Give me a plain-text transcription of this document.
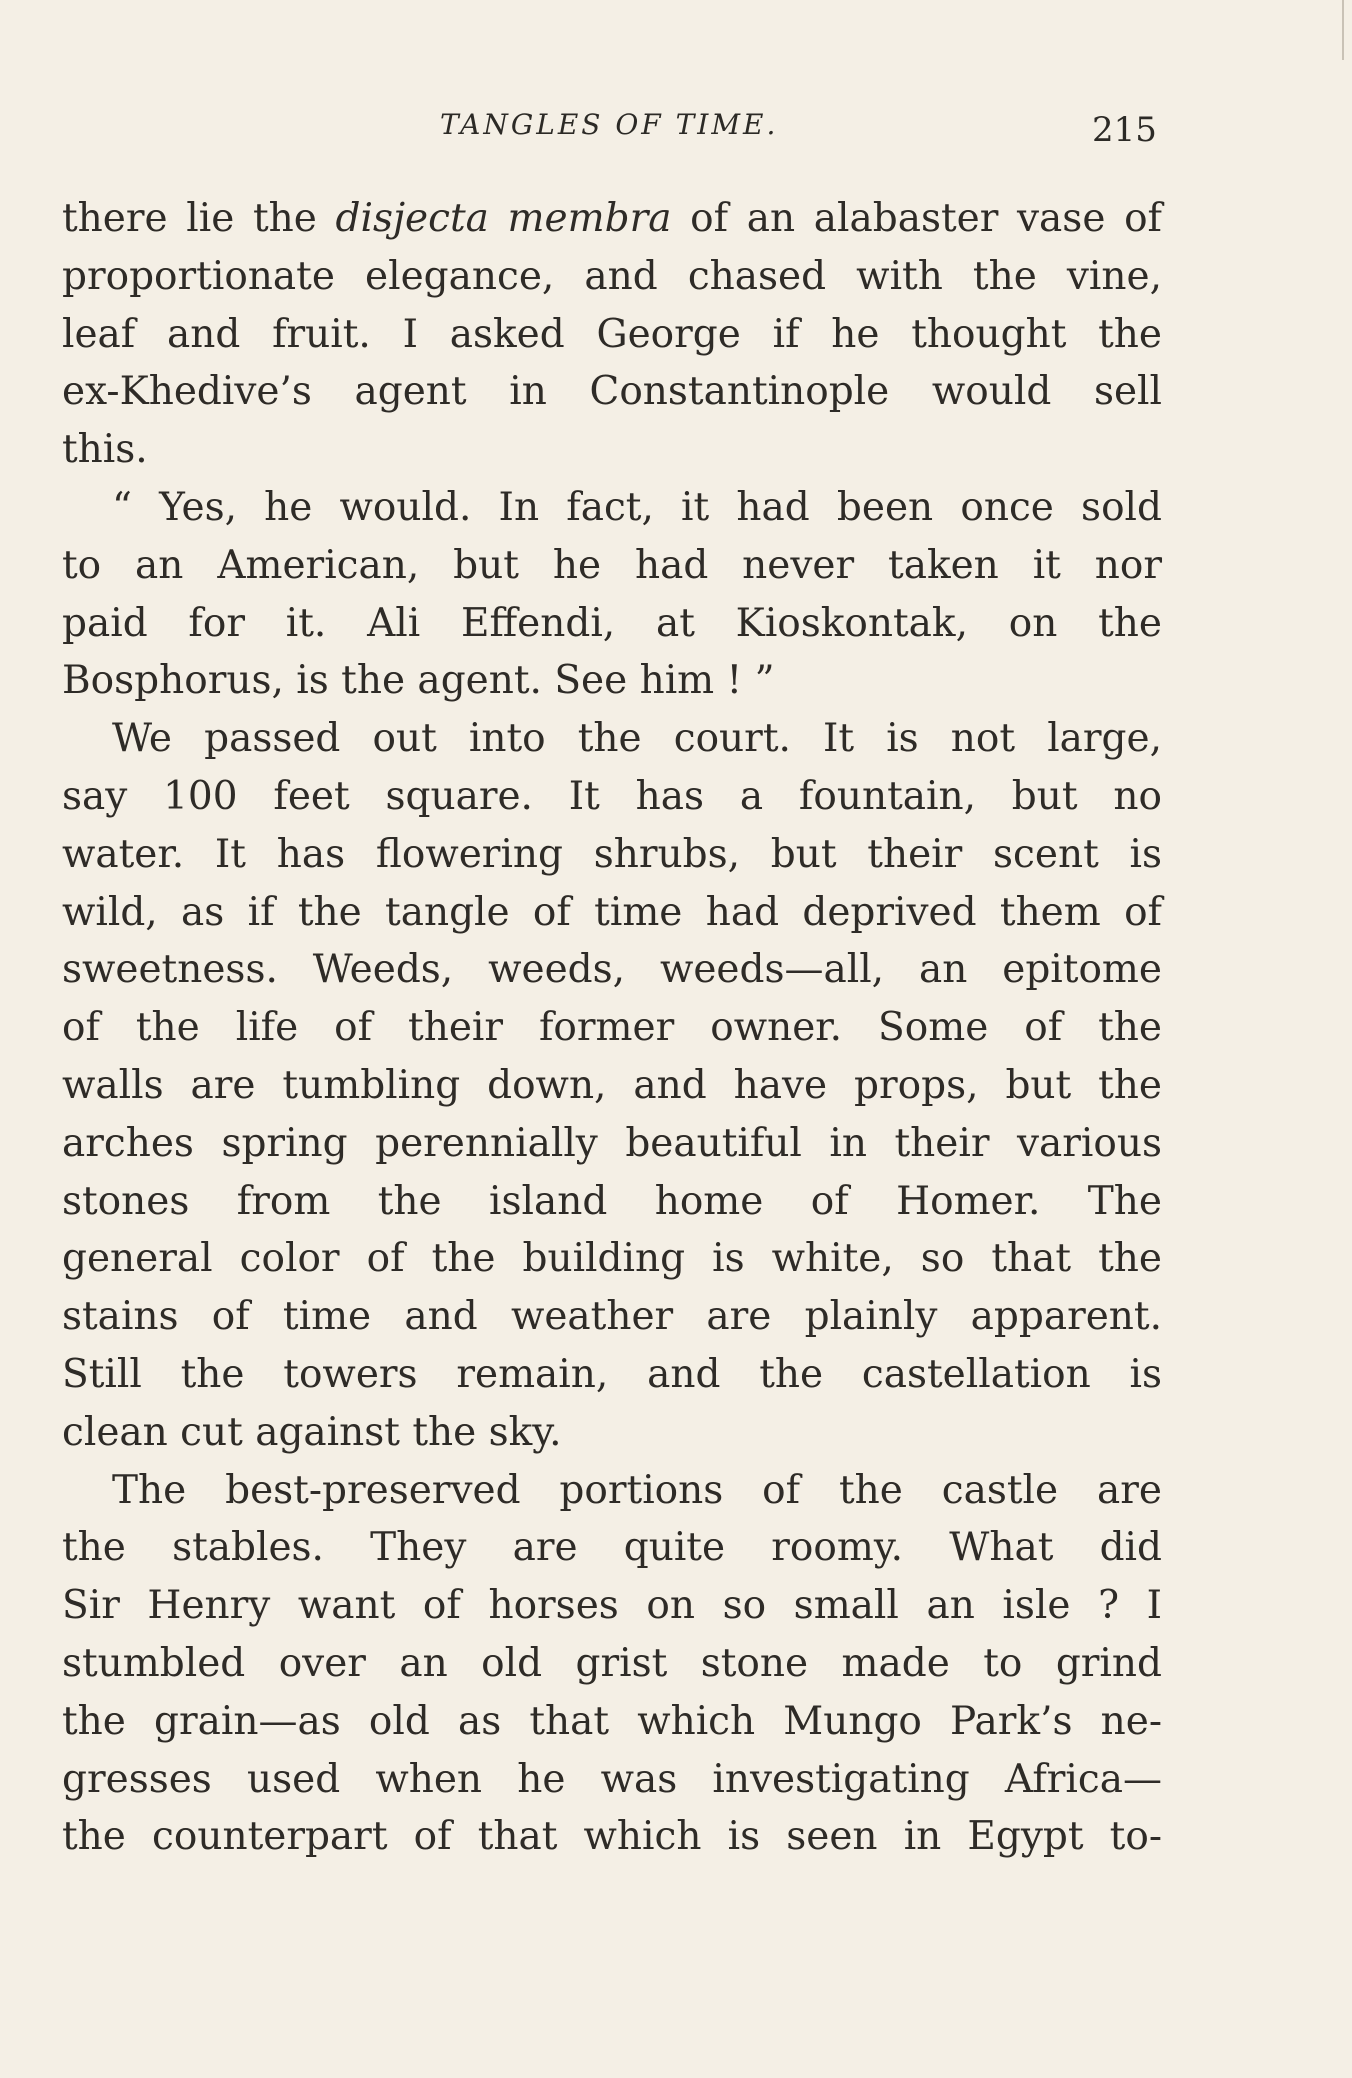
TANGLES OF TIME.	215
there lie the disjecta membra of an alabaster vase of
proportionate elegance, and chased with the vine,
leaf and fruit. I asked George if he thought the
ex-Khedive’s agent in Constantinople would sell
this.
“ Yes, he would. In fact, it had been once sold
to an American, but he had never taken it nor
paid for it. Ali Effendi, at Kioskontak, on the
Bosphorus, is the agent. See him ! ”
We passed out into the court. It is not large,
say 100 feet square. It has a fountain, but no
water. It has flowering shrubs, but their scent is
wild, as if the tangle of time had deprived them of
sweetness. Weeds, weeds, weeds—all, an epitome
of the life of their former owner. Some of the
walls are tumbling down, and have props, but the
arches spring perennially beautiful in their various
stones from the island home of Homer. The
general color of the building is white, so that the
stains of time and weather are plainly apparent.
Still the towers remain, and the castellation is
clean cut against the sky.
The best-preserved portions of the castle are
the stables. They are quite roomy. What did
Sir Henry want of horses on so small an isle ? I
stumbled over an old grist stone made to grind
the grain—as old as that which Mungo Park’s ne-
gresses used when he was investigating Africa—
the counterpart of that which is seen in Egypt to-
